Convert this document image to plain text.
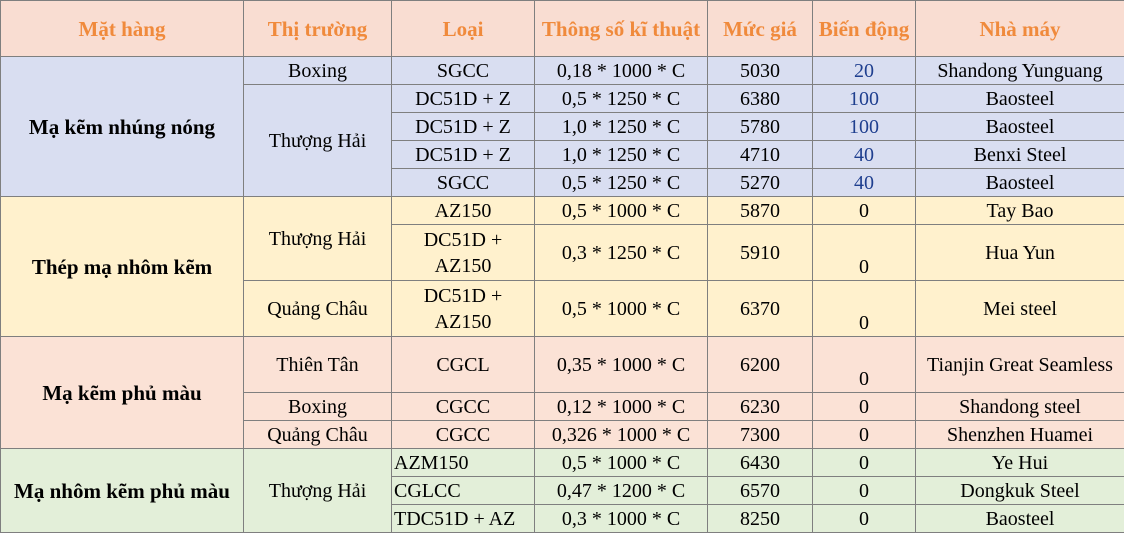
Mặt hàng	Thị trường	Loại	Thông số kĩ thuật	Mức giá	Biến động	Nhà máy
Mạ kẽm nhúng nóng	Boxing	SGCC	0,18 * 1000 * C	5030	20	Shandong Yunguang
	Thượng Hải	DC51D + Z	0,5 * 1250 * C	6380	100	Baosteel
		DC51D + Z	1,0 * 1250 * C	5780	100	Baosteel
		DC51D + Z	1,0 * 1250 * C	4710	40	Benxi Steel
		SGCC	0,5 * 1250 * C	5270	40	Baosteel
Thép mạ nhôm kẽm	Thượng Hải	AZ150	0,5 * 1000 * C	5870	0	Tay Bao
		DC51D + AZ150	0,3 * 1250 * C	5910	0	Hua Yun
	Quảng Châu	DC51D + AZ150	0,5 * 1000 * C	6370	0	Mei steel
Mạ kẽm phủ màu	Thiên Tân	CGCL	0,35 * 1000 * C	6200	0	Tianjin Great Seamless
	Boxing	CGCC	0,12 * 1000 * C	6230	0	Shandong steel
	Quảng Châu	CGCC	0,326 * 1000 * C	7300	0	Shenzhen Huamei
Mạ nhôm kẽm phủ màu	Thượng Hải	AZM150	0,5 * 1000 * C	6430	0	Ye Hui
		CGLCC	0,47 * 1200 * C	6570	0	Dongkuk Steel
		TDC51D + AZ	0,3 * 1000 * C	8250	0	Baosteel
